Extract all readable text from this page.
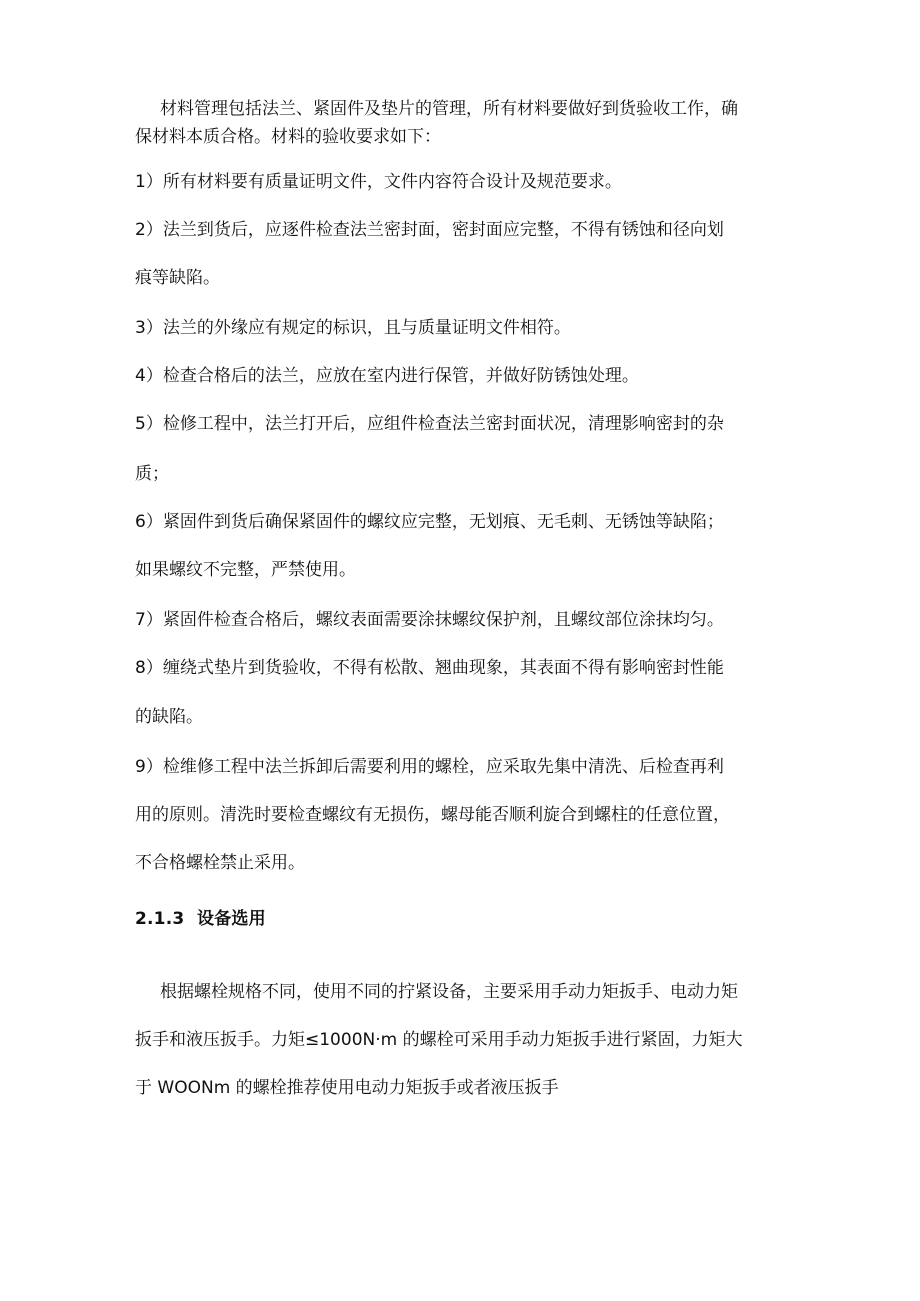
材料管理包括法兰、紧固件及垫片的管理，所有材料要做好到货验收工作，确
保材料本质合格。材料的验收要求如下：
1）所有材料要有质量证明文件，文件内容符合设计及规范要求。
2）法兰到货后，应逐件检查法兰密封面，密封面应完整，不得有锈蚀和径向划
痕等缺陷。
3）法兰的外缘应有规定的标识，且与质量证明文件相符。
4）检查合格后的法兰，应放在室内进行保管，并做好防锈蚀处理。
5）检修工程中，法兰打开后，应组件检查法兰密封面状况，清理影响密封的杂
质；
6）紧固件到货后确保紧固件的螺纹应完整，无划痕、无毛刺、无锈蚀等缺陷；
如果螺纹不完整，严禁使用。
7）紧固件检查合格后，螺纹表面需要涂抹螺纹保护剂，且螺纹部位涂抹均匀。
8）缠绕式垫片到货验收，不得有松散、翘曲现象，其表面不得有影响密封性能
的缺陷。
9）检维修工程中法兰拆卸后需要利用的螺栓，应采取先集中清洗、后检查再利
用的原则。清洗时要检查螺纹有无损伤，螺母能否顺利旋合到螺柱的任意位置，
不合格螺栓禁止采用。
2.1.3 设备选用
根据螺栓规格不同，使用不同的拧紧设备，主要采用手动力矩扳手、电动力矩
扳手和液压扳手。力矩≤1000N·m 的螺栓可采用手动力矩扳手进行紧固，力矩大
于 WOONm 的螺栓推荐使用电动力矩扳手或者液压扳手
